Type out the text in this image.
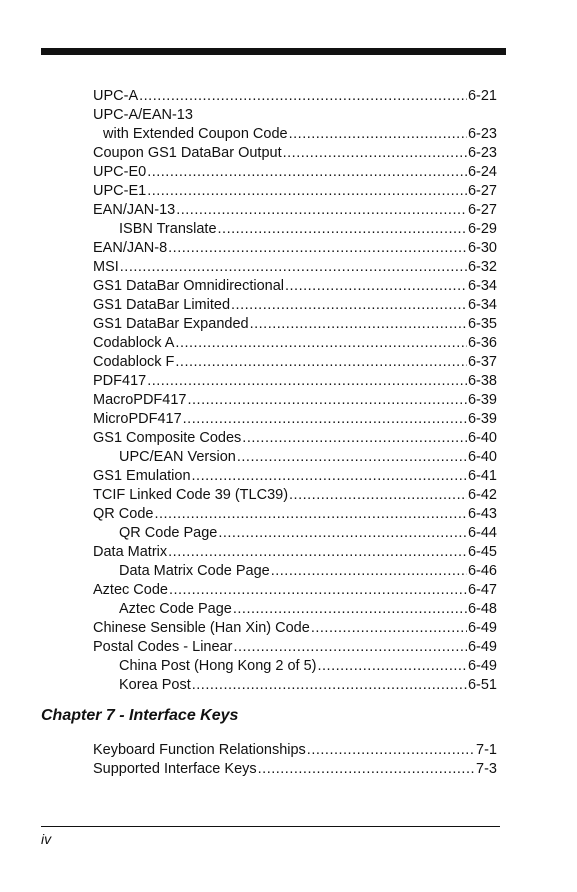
UPC-A .....	6-21
UPC-A/EAN-13
with Extended Coupon Code .....	6-23
Coupon GS1 DataBar Output .....	6-23
UPC-E0 .....	6-24
UPC-E1 .....	6-27
EAN/JAN-13 .....	6-27
ISBN Translate .....	6-29
EAN/JAN-8 .....	6-30
MSI .....	6-32
GS1 DataBar Omnidirectional .....	6-34
GS1 DataBar Limited .....	6-34
GS1 DataBar Expanded .....	6-35
Codablock A .....	6-36
Codablock F .....	6-37
PDF417 .....	6-38
MacroPDF417 .....	6-39
MicroPDF417 .....	6-39
GS1 Composite Codes .....	6-40
UPC/EAN Version .....	6-40
GS1 Emulation .....	6-41
TCIF Linked Code 39 (TLC39) .....	6-42
QR Code .....	6-43
QR Code Page .....	6-44
Data Matrix .....	6-45
Data Matrix Code Page .....	6-46
Aztec Code .....	6-47
Aztec Code Page .....	6-48
Chinese Sensible (Han Xin) Code .....	6-49
Postal Codes - Linear .....	6-49
China Post (Hong Kong 2 of 5) .....	6-49
Korea Post .....	6-51
Chapter 7 - Interface Keys
Keyboard Function Relationships .....	7-1
Supported Interface Keys .....	7-3
iv
